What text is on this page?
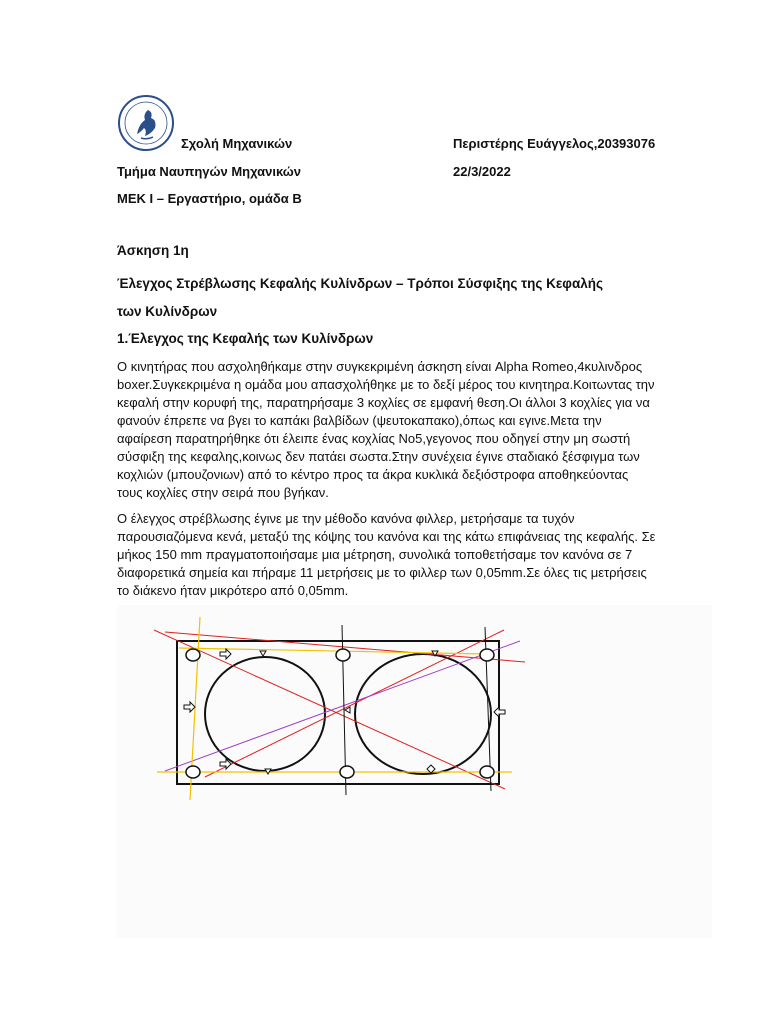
Σχολή Μηχανικών	Περιστέρης Ευάγγελος,20393076
Τμήμα Ναυπηγών Μηχανικών	22/3/2022
ΜΕΚ Ι – Εργαστήριο, ομάδα Β
Άσκηση 1η
Έλεγχος Στρέβλωσης Κεφαλής Κυλίνδρων – Τρόποι Σύσφιξης της Κεφαλής
των Κυλίνδρων
1.Έλεγχος της Κεφαλής των Κυλίνδρων
Ο κινητήρας που ασχοληθήκαμε στην συγκεκριμένη άσκηση είναι Alpha Romeo,4κυλινδρος boxer.Συγκεκριμένα η ομάδα μου απασχολήθηκε με το δεξί μέρος του κινητηρα.Κοιτωντας την κεφαλή στην κορυφή της, παρατηρήσαμε 3 κοχλίες σε εμφανή θεση.Οι άλλοι 3 κοχλίες για να φανούν έπρεπε να βγει το καπάκι βαλβίδων (ψευτοκαπακο),όπως και εγινε.Μετα την αφαίρεση παρατηρήθηκε ότι έλειπε ένας κοχλίας Νο5,γεγονος που οδηγεί στην μη σωστή σύσφιξη της κεφαλης,κοινως δεν πατάει σωστα.Στην συνέχεια έγινε σταδιακό ξέσφιγμα των κοχλιών (μπουζονιων) από το κέντρο προς τα άκρα κυκλικά δεξιόστροφα αποθηκεύοντας τους κοχλίες στην σειρά που βγήκαν.
Ο έλεγχος στρέβλωσης έγινε με την μέθοδο κανόνα φιλλερ, μετρήσαμε τα τυχόν παρουσιαζόμενα κενά, μεταξύ της κόψης του κανόνα και της κάτω επιφάνειας της κεφαλής. Σε μήκος 150 mm πραγματοποιήσαμε μια μέτρηση, συνολικά τοποθετήσαμε τον κανόνα σε 7 διαφορετικά σημεία και πήραμε 11 μετρήσεις με το φιλλερ των 0,05mm.Σε όλες τις μετρήσεις το διάκενο ήταν μικρότερο από 0,05mm.
